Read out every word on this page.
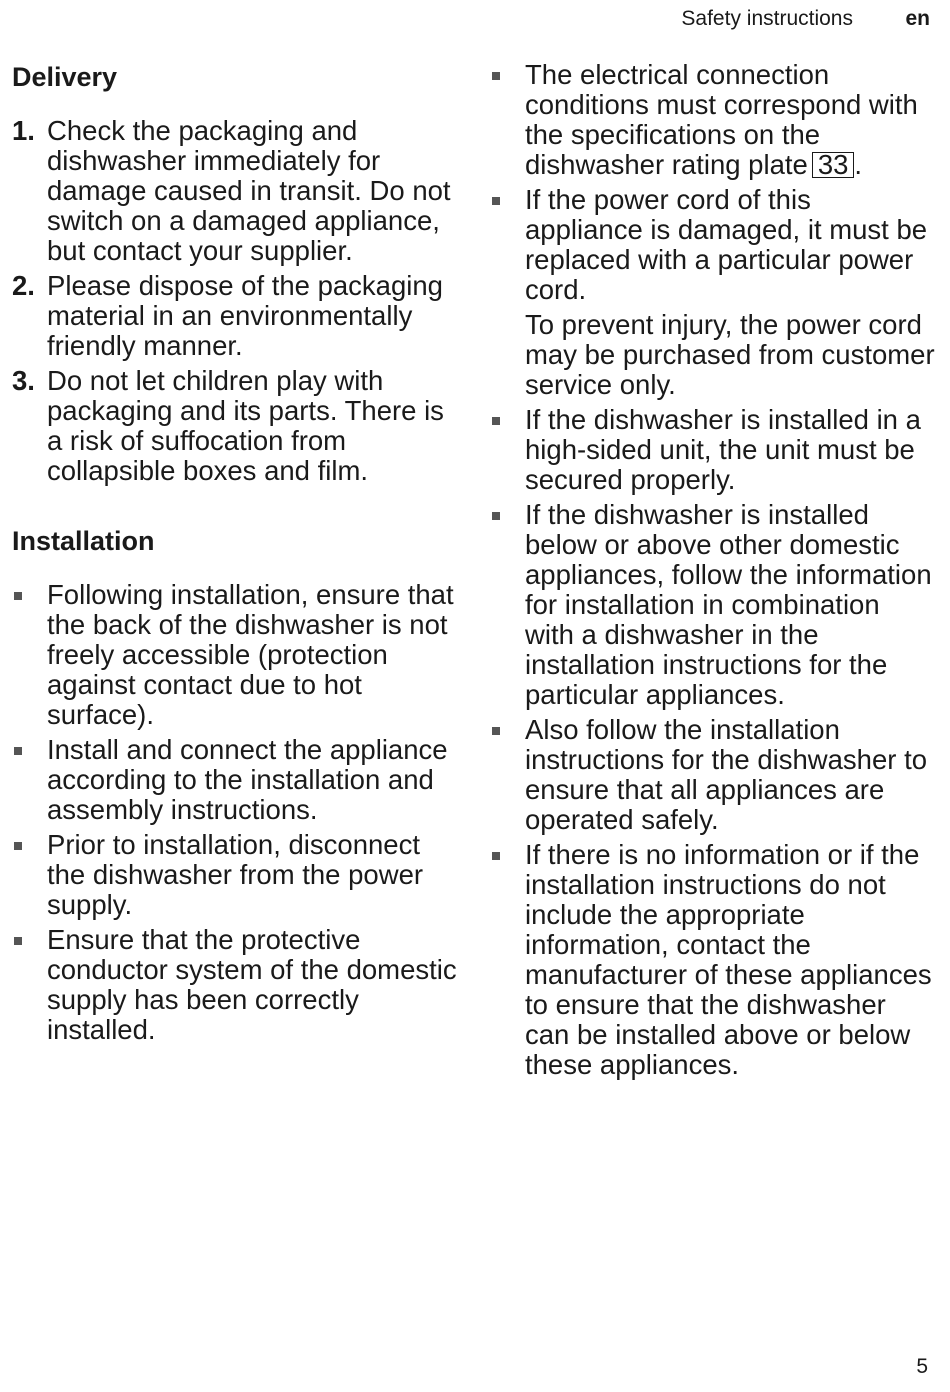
Safety instructions en
Delivery
1. Check the packaging and dishwasher immediately for damage caused in transit. Do not switch on a damaged appliance, but contact your supplier.
2. Please dispose of the packaging material in an environmentally friendly manner.
3. Do not let children play with packaging and its parts. There is a risk of suffocation from collapsible boxes and film.
Installation
Following installation, ensure that the back of the dishwasher is not freely accessible (protection against contact due to hot surface).
Install and connect the appliance according to the installation and assembly instructions.
Prior to installation, disconnect the dishwasher from the power supply.
Ensure that the protective conductor system of the domestic supply has been correctly installed.
The electrical connection conditions must correspond with the specifications on the dishwasher rating plate 33 .

If the power cord of this appliance is damaged, it must be replaced with a particular power cord.

To prevent injury, the power cord may be purchased from customer service only.

If the dishwasher is installed in a high-sided unit, the unit must be secured properly.
If the dishwasher is installed below or above other domestic appliances, follow the information for installation in combination with a dishwasher in the installation instructions for the particular appliances.
Also follow the installation instructions for the dishwasher to ensure that all appliances are operated safely.
If there is no information or if the installation instructions do not include the appropriate information, contact the manufacturer of these appliances to ensure that the dishwasher can be installed above or below these appliances.
5
